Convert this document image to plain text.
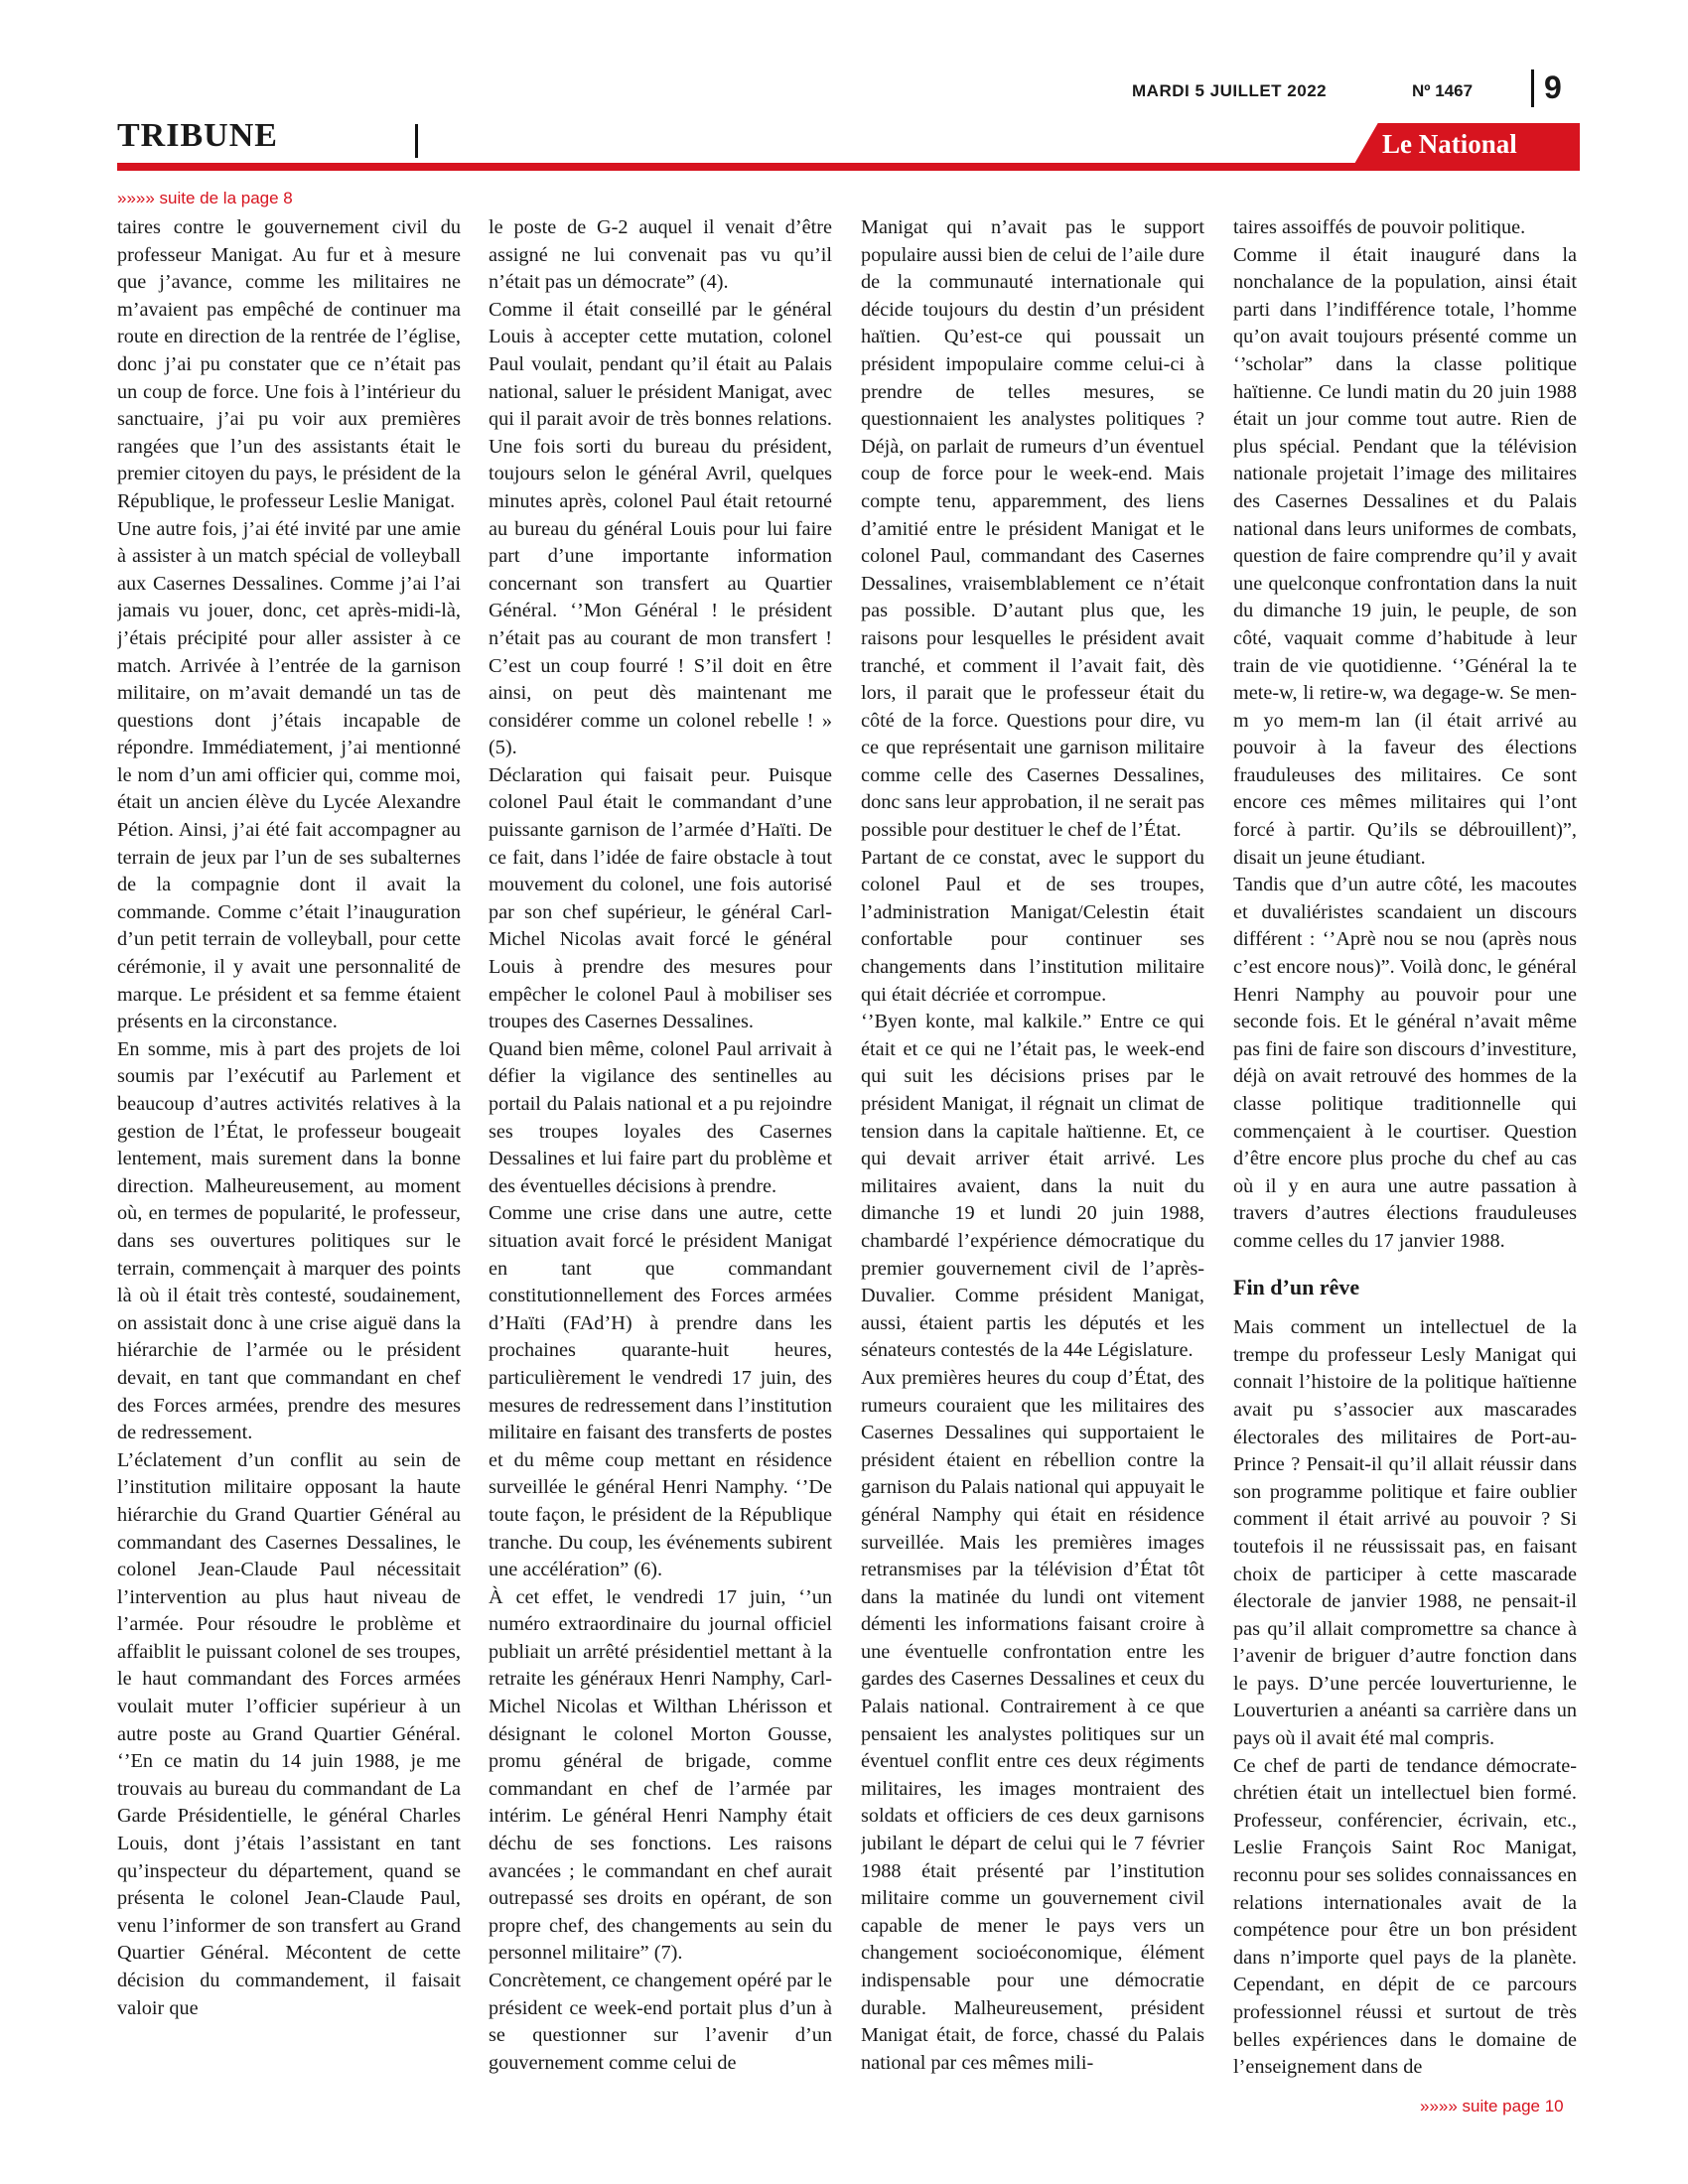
MARDI 5 JUILLET 2022	Nº 1467 9
TRIBUNE	Le National
»»»» suite de la page 8

taires contre le gouvernement civil du professeur Manigat. Au fur et à mesure que j’avance, comme les militaires ne m’avaient pas empêché de continuer ma route en direction de la rentrée de l’église, donc j’ai pu constater que ce n’était pas un coup de force. Une fois à l’intérieur du sanctuaire, j’ai pu voir aux premières rangées que l’un des assistants était le premier citoyen du pays, le président de la République, le professeur Leslie Manigat.

Une autre fois, j’ai été invité par une amie à assister à un match spécial de volleyball aux Casernes Dessalines. Comme j’ai l’ai jamais vu jouer, donc, cet après-midi-là, j’étais précipité pour aller assister à ce match. Arrivée à l’entrée de la garnison militaire, on m’avait demandé un tas de questions dont j’étais incapable de répondre. Immédiatement, j’ai mentionné le nom d’un ami officier qui, comme moi, était un ancien élève du Lycée Alexandre Pétion. Ainsi, j’ai été fait accompagner au terrain de jeux par l’un de ses subalternes de la compagnie dont il avait la commande. Comme c’était l’inauguration d’un petit terrain de volleyball, pour cette cérémonie, il y avait une personnalité de marque. Le président et sa femme étaient présents en la circonstance.

En somme, mis à part des projets de loi soumis par l’exécutif au Parlement et beaucoup d’autres activités relatives à la gestion de l’État, le professeur bougeait lentement, mais surement dans la bonne direction. Malheureusement, au moment où, en termes de popularité, le professeur, dans ses ouvertures politiques sur le terrain, commençait à marquer des points là où il était très contesté, soudainement, on assistait donc à une crise aiguë dans la hiérarchie de l’armée ou le président devait, en tant que commandant en chef des Forces armées, prendre des mesures de redressement.

L’éclatement d’un conflit au sein de l’institution militaire opposant la haute hiérarchie du Grand Quartier Général au commandant des Casernes Dessalines, le colonel Jean-Claude Paul nécessitait l’intervention au plus haut niveau de l’armée. Pour résoudre le problème et affaiblit le puissant colonel de ses troupes, le haut commandant des Forces armées voulait muter l’officier supérieur à un autre poste au Grand Quartier Général. ‘’En ce matin du 14 juin 1988, je me trouvais au bureau du commandant de La Garde Présidentielle, le général Charles Louis, dont j’étais l’assistant en tant qu’inspecteur du département, quand se présenta le colonel Jean-Claude Paul, venu l’informer de son transfert au Grand Quartier Général. Mécontent de cette décision du commandement, il faisait valoir que

le poste de G-2 auquel il venait d’être assigné ne lui convenait pas vu qu’il n’était pas un démocrate” (4).

Comme il était conseillé par le général Louis à accepter cette mutation, colonel Paul voulait, pendant qu’il était au Palais national, saluer le président Manigat, avec qui il parait avoir de très bonnes relations. Une fois sorti du bureau du président, toujours selon le général Avril, quelques minutes après, colonel Paul était retourné au bureau du général Louis pour lui faire part d’une importante information concernant son transfert au Quartier Général. ‘’Mon Général ! le président n’était pas au courant de mon transfert ! C’est un coup fourré ! S’il doit en être ainsi, on peut dès maintenant me considérer comme un colonel rebelle ! » (5).

Déclaration qui faisait peur. Puisque colonel Paul était le commandant d’une puissante garnison de l’armée d’Haïti. De ce fait, dans l’idée de faire obstacle à tout mouvement du colonel, une fois autorisé par son chef supérieur, le général Carl-Michel Nicolas avait forcé le général Louis à prendre des mesures pour empêcher le colonel Paul à mobiliser ses troupes des Casernes Dessalines.

Quand bien même, colonel Paul arrivait à défier la vigilance des sentinelles au portail du Palais national et a pu rejoindre ses troupes loyales des Casernes Dessalines et lui faire part du problème et des éventuelles décisions à prendre.

Comme une crise dans une autre, cette situation avait forcé le président Manigat en tant que commandant constitutionnellement des Forces armées d’Haïti (FAd’H) à prendre dans les prochaines quarante-huit heures, particulièrement le vendredi 17 juin, des mesures de redressement dans l’institution militaire en faisant des transferts de postes et du même coup mettant en résidence surveillée le général Henri Namphy. ‘’De toute façon, le président de la République tranche. Du coup, les événements subirent une accélération” (6).

À cet effet, le vendredi 17 juin, ‘’un numéro extraordinaire du journal officiel publiait un arrêté présidentiel mettant à la retraite les généraux Henri Namphy, Carl-Michel Nicolas et Wilthan Lhérisson et désignant le colonel Morton Gousse, promu général de brigade, comme commandant en chef de l’armée par intérim. Le général Henri Namphy était déchu de ses fonctions. Les raisons avancées ; le commandant en chef aurait outrepassé ses droits en opérant, de son propre chef, des changements au sein du personnel militaire” (7).

Concrètement, ce changement opéré par le président ce week-end portait plus d’un à se questionner sur l’avenir d’un gouvernement comme celui de

Manigat qui n’avait pas le support populaire aussi bien de celui de l’aile dure de la communauté internationale qui décide toujours du destin d’un président haïtien. Qu’est-ce qui poussait un président impopulaire comme celui-ci à prendre de telles mesures, se questionnaient les analystes politiques ? Déjà, on parlait de rumeurs d’un éventuel coup de force pour le week-end. Mais compte tenu, apparemment, des liens d’amitié entre le président Manigat et le colonel Paul, commandant des Casernes Dessalines, vraisemblablement ce n’était pas possible. D’autant plus que, les raisons pour lesquelles le président avait tranché, et comment il l’avait fait, dès lors, il parait que le professeur était du côté de la force. Questions pour dire, vu ce que représentait une garnison militaire comme celle des Casernes Dessalines, donc sans leur approbation, il ne serait pas possible pour destituer le chef de l’État.

Partant de ce constat, avec le support du colonel Paul et de ses troupes, l’administration Manigat/Celestin était confortable pour continuer ses changements dans l’institution militaire qui était décriée et corrompue.

‘’Byen konte, mal kalkile.” Entre ce qui était et ce qui ne l’était pas, le week-end qui suit les décisions prises par le président Manigat, il régnait un climat de tension dans la capitale haïtienne. Et, ce qui devait arriver était arrivé. Les militaires avaient, dans la nuit du dimanche 19 et lundi 20 juin 1988, chambardé l’expérience démocratique du premier gouvernement civil de l’après-Duvalier. Comme président Manigat, aussi, étaient partis les députés et les sénateurs contestés de la 44e Législature.

Aux premières heures du coup d’État, des rumeurs couraient que les militaires des Casernes Dessalines qui supportaient le président étaient en rébellion contre la garnison du Palais national qui appuyait le général Namphy qui était en résidence surveillée. Mais les premières images retransmises par la télévision d’État tôt dans la matinée du lundi ont vitement démenti les informations faisant croire à une éventuelle confrontation entre les gardes des Casernes Dessalines et ceux du Palais national. Contrairement à ce que pensaient les analystes politiques sur un éventuel conflit entre ces deux régiments militaires, les images montraient des soldats et officiers de ces deux garnisons jubilant le départ de celui qui le 7 février 1988 était présenté par l’institution militaire comme un gouvernement civil capable de mener le pays vers un changement socioéconomique, élément indispensable pour une démocratie durable. Malheureusement, président Manigat était, de force, chassé du Palais national par ces mêmes mili-

taires assoiffés de pouvoir politique.

Comme il était inauguré dans la nonchalance de la population, ainsi était parti dans l’indifférence totale, l’homme qu’on avait toujours présenté comme un ‘’scholar” dans la classe politique haïtienne. Ce lundi matin du 20 juin 1988 était un jour comme tout autre. Rien de plus spécial. Pendant que la télévision nationale projetait l’image des militaires des Casernes Dessalines et du Palais national dans leurs uniformes de combats, question de faire comprendre qu’il y avait une quelconque confrontation dans la nuit du dimanche 19 juin, le peuple, de son côté, vaquait comme d’habitude à leur train de vie quotidienne. ‘’Général la te mete-w, li retire-w, wa degage-w. Se men-m yo mem-m lan (il était arrivé au pouvoir à la faveur des élections frauduleuses des militaires. Ce sont encore ces mêmes militaires qui l’ont forcé à partir. Qu’ils se débrouillent)”, disait un jeune étudiant.

Tandis que d’un autre côté, les macoutes et duvaliéristes scandaient un discours différent : ‘’Aprè nou se nou (après nous c’est encore nous)”. Voilà donc, le général Henri Namphy au pouvoir pour une seconde fois. Et le général n’avait même pas fini de faire son discours d’investiture, déjà on avait retrouvé des hommes de la classe politique traditionnelle qui commençaient à le courtiser. Question d’être encore plus proche du chef au cas où il y en aura une autre passation à travers d’autres élections frauduleuses comme celles du 17 janvier 1988.

Fin d’un rêve

Mais comment un intellectuel de la trempe du professeur Lesly Manigat qui connait l’histoire de la politique haïtienne avait pu s’associer aux mascarades électorales des militaires de Port-au-Prince ? Pensait-il qu’il allait réussir dans son programme politique et faire oublier comment il était arrivé au pouvoir ? Si toutefois il ne réussissait pas, en faisant choix de participer à cette mascarade électorale de janvier 1988, ne pensait-il pas qu’il allait compromettre sa chance à l’avenir de briguer d’autre fonction dans le pays. D’une percée louverturienne, le Louverturien a anéanti sa carrière dans un pays où il avait été mal compris.

Ce chef de parti de tendance démocrate-chrétien était un intellectuel bien formé. Professeur, conférencier, écrivain, etc., Leslie François Saint Roc Manigat, reconnu pour ses solides connaissances en relations internationales avait de la compétence pour être un bon président dans n’importe quel pays de la planète. Cependant, en dépit de ce parcours professionnel réussi et surtout de très belles expériences dans le domaine de l’enseignement dans de

»»»» suite page 10
